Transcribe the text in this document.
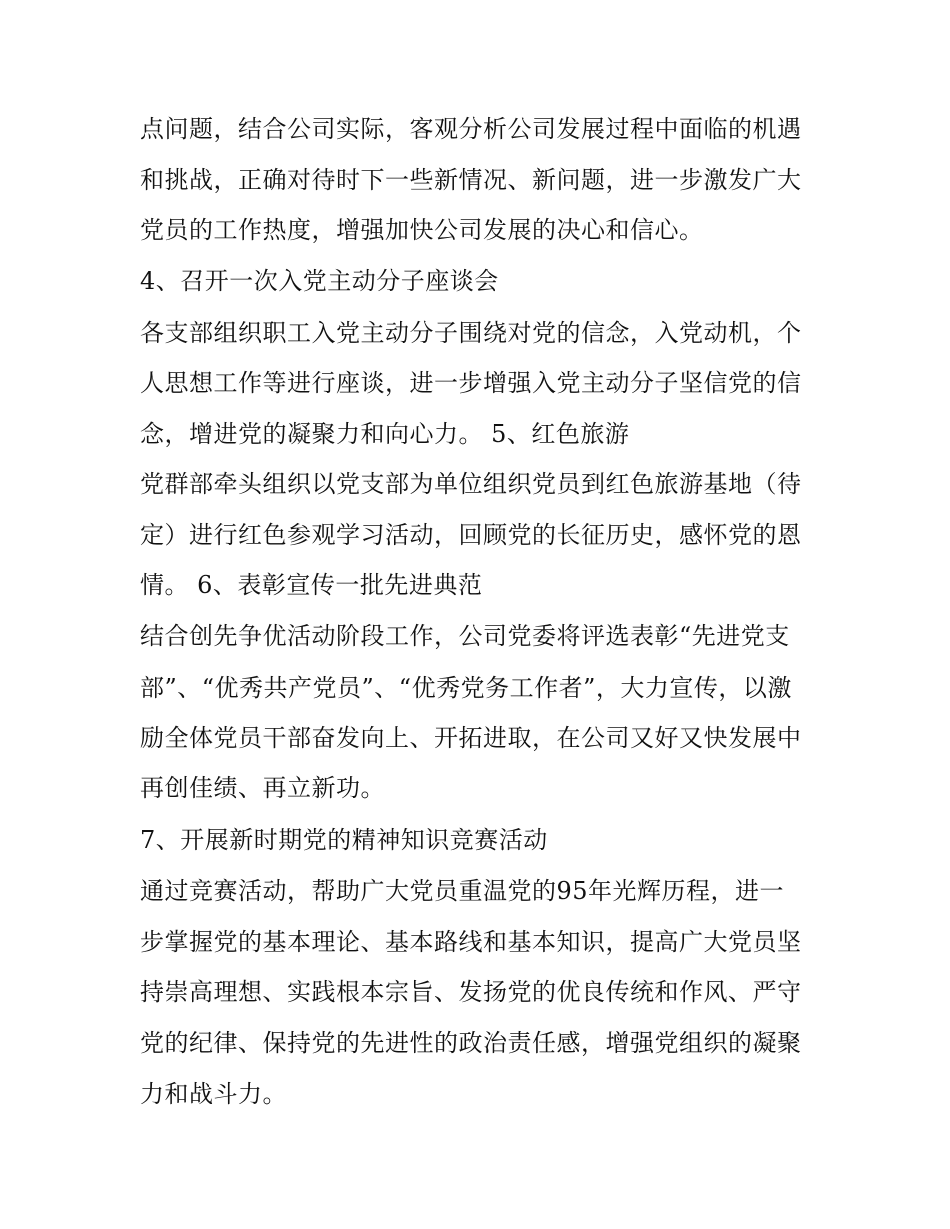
点问题，结合公司实际，客观分析公司发展过程中面临的机遇
和挑战，正确对待时下一些新情况、新问题，进一步激发广大
党员的工作热度，增强加快公司发展的决心和信心。
4、召开一次入党主动分子座谈会
各支部组织职工入党主动分子围绕对党的信念，入党动机，个
人思想工作等进行座谈，进一步增强入党主动分子坚信党的信
念，增进党的凝聚力和向心力。 5、红色旅游
党群部牵头组织以党支部为单位组织党员到红色旅游基地（待
定）进行红色参观学习活动，回顾党的长征历史，感怀党的恩
情。 6、表彰宣传一批先进典范
结合创先争优活动阶段工作，公司党委将评选表彰“先进党支
部”、“优秀共产党员”、“优秀党务工作者”，大力宣传，以激
励全体党员干部奋发向上、开拓进取，在公司又好又快发展中
再创佳绩、再立新功。
7、开展新时期党的精神知识竞赛活动
通过竞赛活动，帮助广大党员重温党的95年光辉历程，进一
步掌握党的基本理论、基本路线和基本知识，提高广大党员坚
持崇高理想、实践根本宗旨、发扬党的优良传统和作风、严守
党的纪律、保持党的先进性的政治责任感，增强党组织的凝聚
力和战斗力。
